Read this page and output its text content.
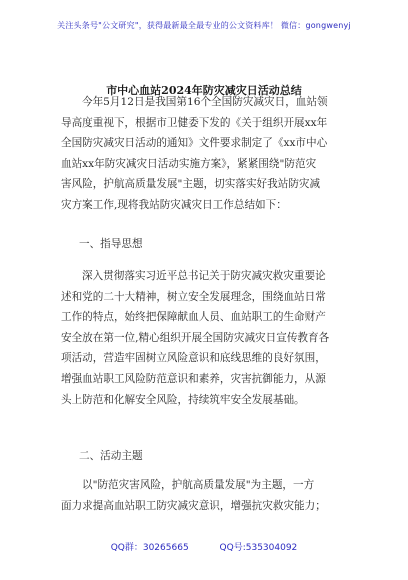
关注头条号"公文研究"，获得最新最全最专业的公文资料库！ 微信：gongwenyj
市中心血站2024年防灾减灾日活动总结
今年5月12日是我国第16个全国防灾减灾日，血站领
导高度重视下，根据市卫健委下发的《关于组织开展xx年
全国防灾减灾日活动的通知》文件要求制定了《xx市中心
血站xx年防灾减灾日活动实施方案》，紧紧围绕"防范灾
害风险，护航高质量发展"主题，切实落实好我站防灾减
灾方案工作,现将我站防灾减灾日工作总结如下：
一、指导思想
深入贯彻落实习近平总书记关于防灾减灾救灾重要论
述和党的二十大精神，树立安全发展理念，围绕血站日常
工作的特点，始终把保障献血人员、血站职工的生命财产
安全放在第一位,精心组织开展全国防灾减灾日宣传教育各
项活动，营造牢固树立风险意识和底线思维的良好氛围，
增强血站职工风险防范意识和素养，灾害抗御能力，从源
头上防范和化解安全风险，持续筑牢安全发展基础。
二、活动主题
以"防范灾害风险，护航高质量发展"为主题，一方
面力求提高血站职工防灾减灾意识，增强抗灾救灾能力；
QQ群：30265665	QQ号:535304092
